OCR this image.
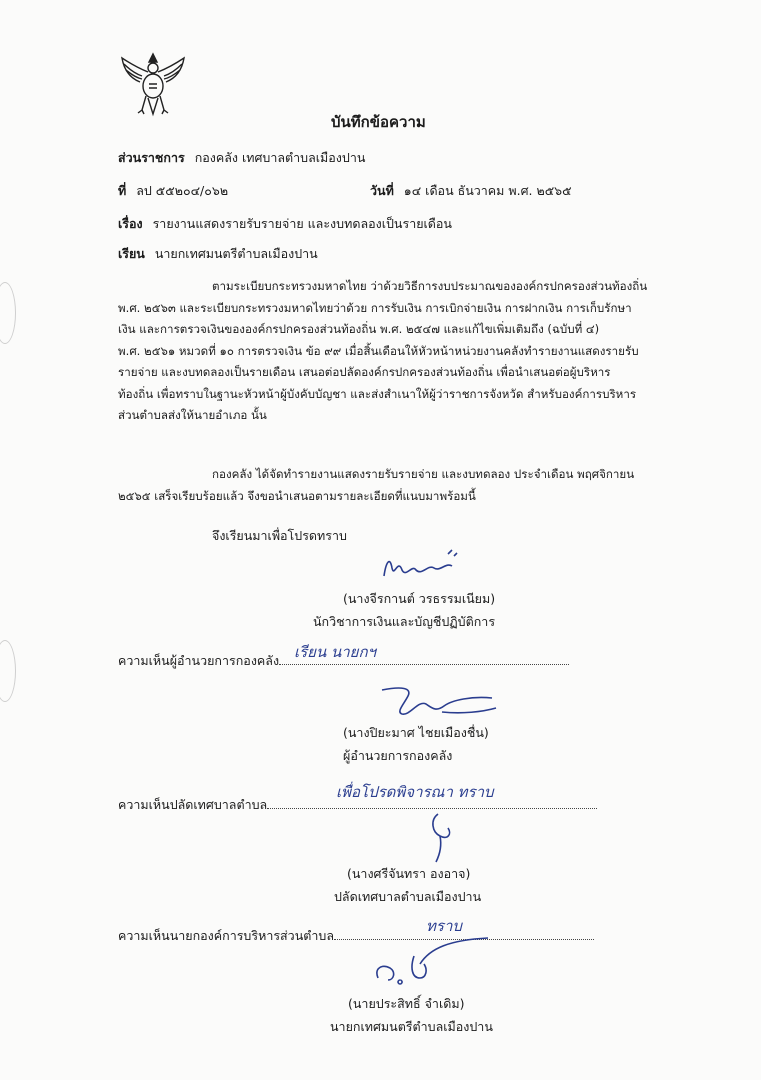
บันทึกข้อความ
ส่วนราชการ กองคลัง เทศบาลตำบลเมืองปาน
ที่ ลป ๕๕๒๐๔/๐๖๒	วันที่ ๑๔ เดือน ธันวาคม พ.ศ. ๒๕๖๕
เรื่อง รายงานแสดงรายรับรายจ่าย และงบทดลองเป็นรายเดือน
เรียน นายกเทศมนตรีตำบลเมืองปาน
ตามระเบียบกระทรวงมหาดไทย ว่าด้วยวิธีการงบประมาณขององค์กรปกครองส่วนท้องถิ่น
พ.ศ. ๒๕๖๓ และระเบียบกระทรวงมหาดไทยว่าด้วย การรับเงิน การเบิกจ่ายเงิน การฝากเงิน การเก็บรักษา
เงิน และการตรวจเงินขององค์กรปกครองส่วนท้องถิ่น พ.ศ. ๒๕๔๗ และแก้ไขเพิ่มเติมถึง (ฉบับที่ ๔)
พ.ศ. ๒๕๖๑ หมวดที่ ๑๐ การตรวจเงิน ข้อ ๙๙ เมื่อสิ้นเดือนให้หัวหน้าหน่วยงานคลังทำรายงานแสดงรายรับ
รายจ่าย และงบทดลองเป็นรายเดือน เสนอต่อปลัดองค์กรปกครองส่วนท้องถิ่น เพื่อนำเสนอต่อผู้บริหาร
ท้องถิ่น เพื่อทราบในฐานะหัวหน้าผู้บังคับบัญชา และส่งสำเนาให้ผู้ว่าราชการจังหวัด สำหรับองค์การบริหาร
ส่วนตำบลส่งให้นายอำเภอ นั้น
กองคลัง ได้จัดทำรายงานแสดงรายรับรายจ่าย และงบทดลอง ประจำเดือน พฤศจิกายน
๒๕๖๕ เสร็จเรียบร้อยแล้ว จึงขอนำเสนอตามรายละเอียดที่แนบมาพร้อมนี้
จึงเรียนมาเพื่อโปรดทราบ
(นางจีรกานต์ วรธรรมเนียม)
นักวิชาการเงินและบัญชีปฏิบัติการ
ความเห็นผู้อำนวยการกองคลัง เรียน นายกฯ
(นางปิยะมาศ ไชยเมืองชื่น)
ผู้อำนวยการกองคลัง
ความเห็นปลัดเทศบาลตำบล
เพื่อโปรดพิจารณา ทราบ
(นางศรีจันทรา องอาจ)
ปลัดเทศบาลตำบลเมืองปาน
ความเห็นนายกองค์การบริหารส่วนตำบล
ทราบ
(นายประสิทธิ์ จำเดิม)
นายกเทศมนตรีตำบลเมืองปาน
